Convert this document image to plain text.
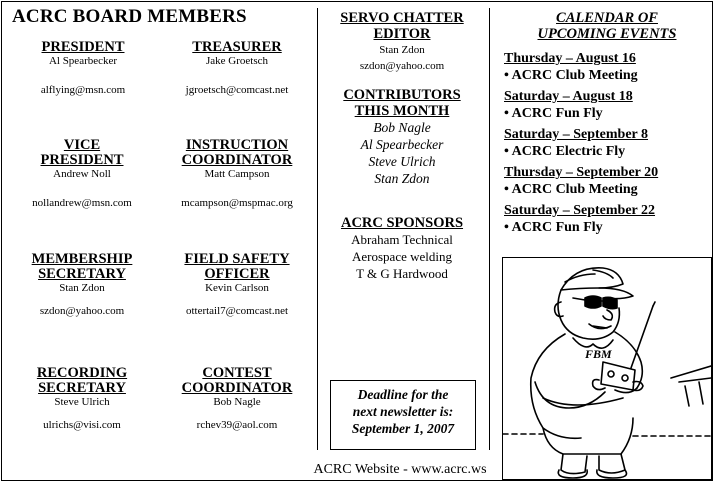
ACRC BOARD MEMBERS
PRESIDENT
Al Spearbecker
alflying@msn.com
TREASURER
Jake Groetsch
jgroetsch@comcast.net
VICE
PRESIDENT
Andrew Noll
nollandrew@msn.com
INSTRUCTION
COORDINATOR
Matt Campson
mcampson@mspmac.org
MEMBERSHIP
SECRETARY
Stan Zdon
szdon@yahoo.com
FIELD SAFETY
OFFICER
Kevin Carlson
ottertail7@comcast.net
RECORDING
SECRETARY
Steve Ulrich
ulrichs@visi.com
CONTEST
COORDINATOR
Bob Nagle
rchev39@aol.com
SERVO CHATTER
EDITOR
Stan Zdon
szdon@yahoo.com
CONTRIBUTORS
THIS MONTH
Bob Nagle
Al Spearbecker
Steve Ulrich
Stan Zdon
ACRC SPONSORS
Abraham Technical
Aerospace welding
T & G Hardwood
Deadline for the
next newsletter is:
September 1, 2007
ACRC Website - www.acrc.ws
CALENDAR OF
UPCOMING EVENTS
Thursday – August 16
• ACRC Club Meeting
Saturday – August 18
• ACRC Fun Fly
Saturday – September 8
• ACRC Electric Fly
Thursday – September 20
• ACRC Club Meeting
Saturday – September 22
• ACRC Fun Fly
FBM
